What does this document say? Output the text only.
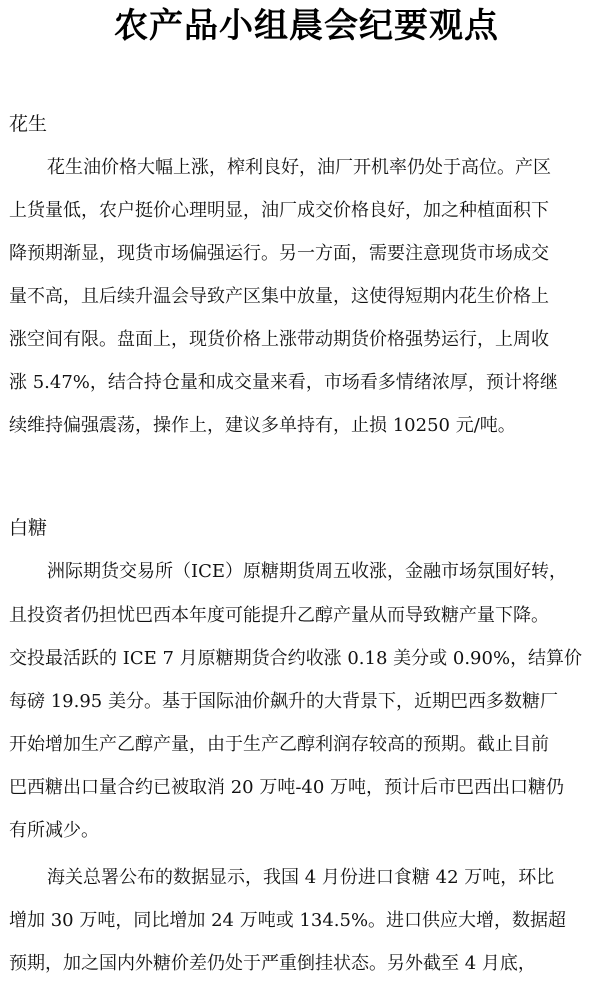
农产品小组晨会纪要观点
花生
花生油价格大幅上涨，榨利良好，油厂开机率仍处于高位。产区
上货量低，农户挺价心理明显，油厂成交价格良好，加之种植面积下
降预期渐显，现货市场偏强运行。另一方面，需要注意现货市场成交
量不高，且后续升温会导致产区集中放量，这使得短期内花生价格上
涨空间有限。盘面上，现货价格上涨带动期货价格强势运行，上周收
涨 5.47%，结合持仓量和成交量来看，市场看多情绪浓厚，预计将继
续维持偏强震荡，操作上，建议多单持有，止损 10250 元/吨。
白糖
洲际期货交易所（ICE）原糖期货周五收涨，金融市场氛围好转，
且投资者仍担忧巴西本年度可能提升乙醇产量从而导致糖产量下降。
交投最活跃的 ICE 7 月原糖期货合约收涨 0.18 美分或 0.90%，结算价
每磅 19.95 美分。基于国际油价飙升的大背景下，近期巴西多数糖厂
开始增加生产乙醇产量，由于生产乙醇利润存较高的预期。截止目前
巴西糖出口量合约已被取消 20 万吨-40 万吨，预计后市巴西出口糖仍
有所减少。
海关总署公布的数据显示，我国 4 月份进口食糖 42 万吨，环比
增加 30 万吨，同比增加 24 万吨或 134.5%。进口供应大增，数据超
预期，加之国内外糖价差仍处于严重倒挂状态。另外截至 4 月底，
